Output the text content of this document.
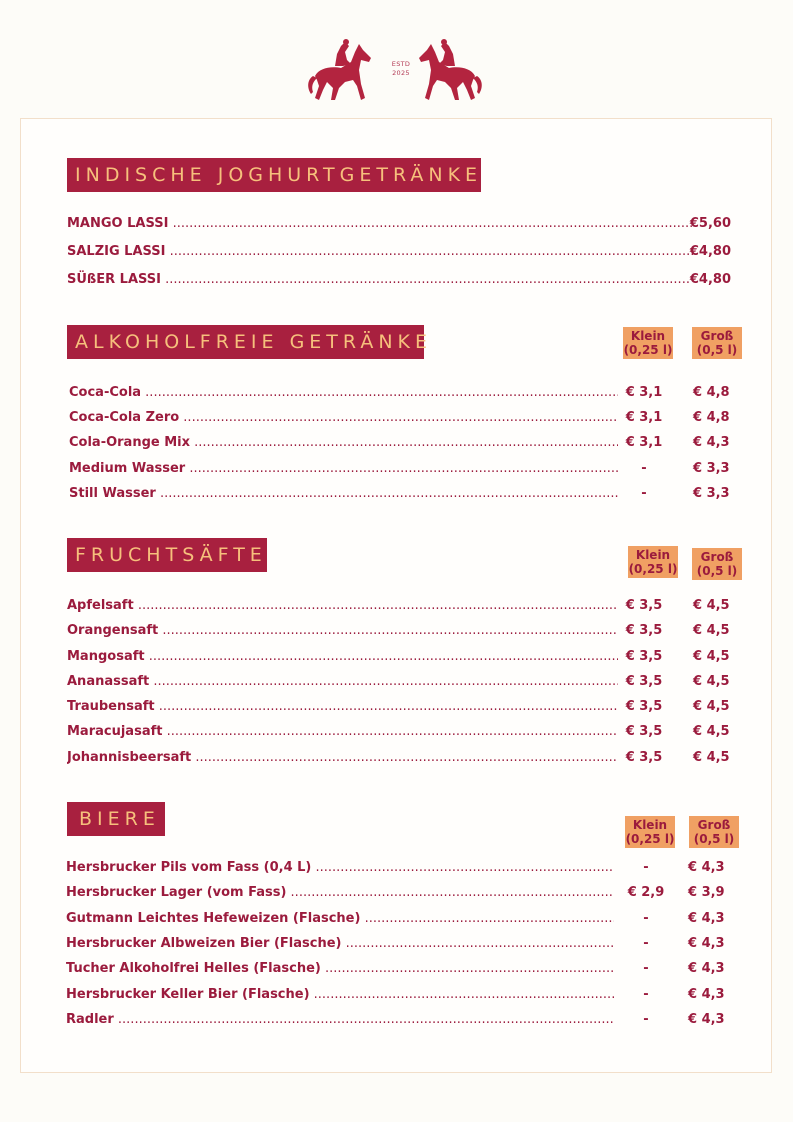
ESTD
2025
INDISCHE JOGHURTGETRÄNKE
MANGO LASSI .....	€5,60
SALZIG LASSI .....	€4,80
SÜßER LASSI .....	€4,80
ALKOHOLFREIE GETRÄNKE	Klein (0,25 l)
Groß (0,5 l)
Coca-Cola .....	€ 3,1	€ 4,8
Coca-Cola Zero .....	€ 3,1	€ 4,8
Cola-Orange Mix .....	€ 3,1	€ 4,3
Medium Wasser .....	-	€ 3,3
Still Wasser .....	-	€ 3,3
FRUCHTSÄFTE	Klein (0,25 l)
Groß (0,5 l)
Apfelsaft .....	€ 3,5	€ 4,5
Orangensaft .....	€ 3,5	€ 4,5
Mangosaft .....	€ 3,5	€ 4,5
Ananassaft .....	€ 3,5	€ 4,5
Traubensaft .....	€ 3,5	€ 4,5
Maracujasaft .....	€ 3,5	€ 4,5
Johannisbeersaft .....	€ 3,5	€ 4,5
BIERE	Klein (0,25 l)
Groß (0,5 l)
Hersbrucker Pils vom Fass (0,4 L) .....	-	€ 4,3
Hersbrucker Lager (vom Fass) .....	€ 2,9	€ 3,9
Gutmann Leichtes Hefeweizen (Flasche) .....	-	€ 4,3
Hersbrucker Albweizen Bier (Flasche) .....	-	€ 4,3
Tucher Alkoholfrei Helles (Flasche) .....	-	€ 4,3
Hersbrucker Keller Bier (Flasche) .....	-	€ 4,3
Radler .....	-	€ 4,3
